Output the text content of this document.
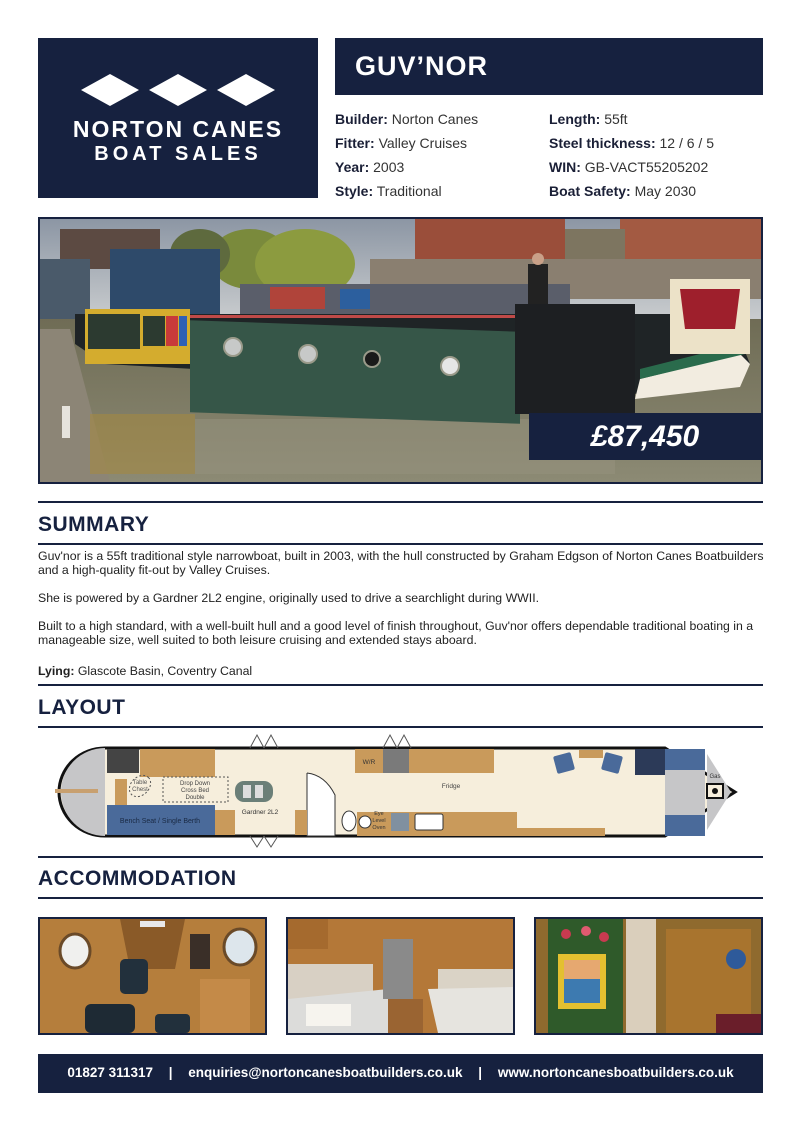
NORTON CANES
BOAT SALES
GUV’NOR
Builder: Norton Canes
Fitter: Valley Cruises
Year: 2003
Style: Traditional
Length: 55ft
Steel thickness: 12 / 6 / 5
WIN: GB-VACT55205202
Boat Safety: May 2030
£87,450
SUMMARY
Guv'nor is a 55ft traditional style narrowboat, built in 2003, with the hull constructed by Graham Edgson of Norton Canes Boatbuilders and a high-quality fit-out by Valley Cruises.
She is powered by a Gardner 2L2 engine, originally used to drive a searchlight during WWII.
Built to a high standard, with a well-built hull and a good level of finish throughout, Guv'nor offers dependable traditional boating in a manageable size, well suited to both leisure cruising and extended stays aboard.
Lying: Glascote Basin, Coventry Canal
LAYOUT
Table
Chest
Drop Down
Cross Bed
Double
Bench Seat / Single Berth
Gardner 2L2
W/R
Fridge
Eye
Level
Oven
Gas
ACCOMMODATION
01827 311317 | enquiries@nortoncanesboatbuilders.co.uk | www.nortoncanesboatbuilders.co.uk
